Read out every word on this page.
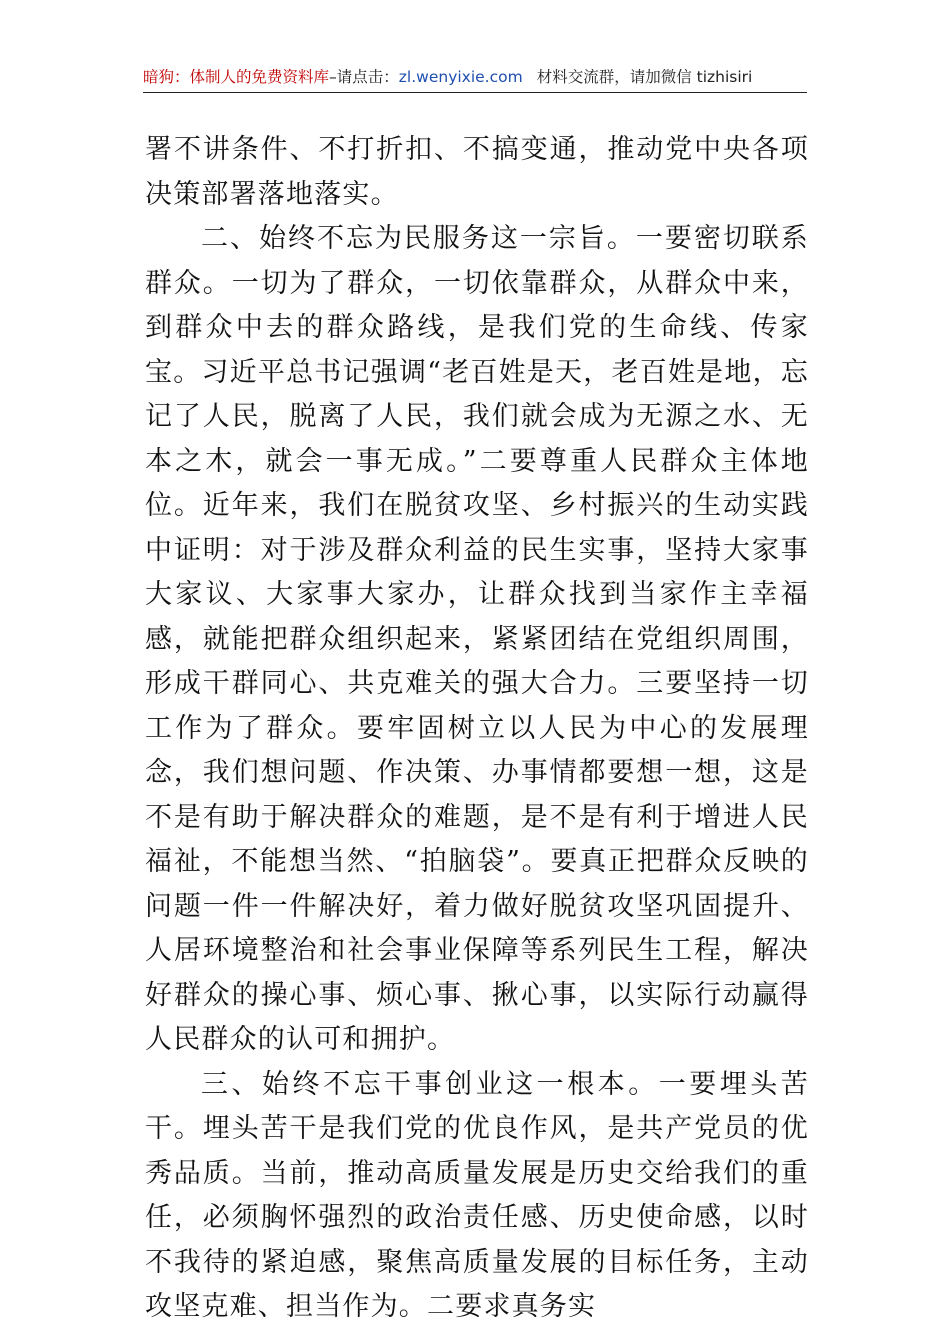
暗狗：体制人的免费资料库–请点击：zl.wenyixie.com 材料交流群，请加微信 tizhisiri

署不讲条件、不打折扣、不搞变通，推动党中央各项决策部署落地落实。

二、始终不忘为民服务这一宗旨。一要密切联系群众。一切为了群众，一切依靠群众，从群众中来，到群众中去的群众路线，是我们党的生命线、传家宝。习近平总书记强调“老百姓是天，老百姓是地，忘记了人民，脱离了人民，我们就会成为无源之水、无本之木，就会一事无成。”二要尊重人民群众主体地位。近年来，我们在脱贫攻坚、乡村振兴的生动实践中证明：对于涉及群众利益的民生实事，坚持大家事大家议、大家事大家办，让群众找到当家作主幸福感，就能把群众组织起来，紧紧团结在党组织周围，形成干群同心、共克难关的强大合力。三要坚持一切工作为了群众。要牢固树立以人民为中心的发展理念，我们想问题、作决策、办事情都要想一想，这是不是有助于解决群众的难题，是不是有利于增进人民福祉，不能想当然、“拍脑袋”。要真正把群众反映的问题一件一件解决好，着力做好脱贫攻坚巩固提升、人居环境整治和社会事业保障等系列民生工程，解决好群众的操心事、烦心事、揪心事，以实际行动赢得人民群众的认可和拥护。

三、始终不忘干事创业这一根本。一要埋头苦干。埋头苦干是我们党的优良作风，是共产党员的优秀品质。当前，推动高质量发展是历史交给我们的重任，必须胸怀强烈的政治责任感、历史使命感，以时不我待的紧迫感，聚焦高质量发展的目标任务，主动攻坚克难、担当作为。二要求真务实
